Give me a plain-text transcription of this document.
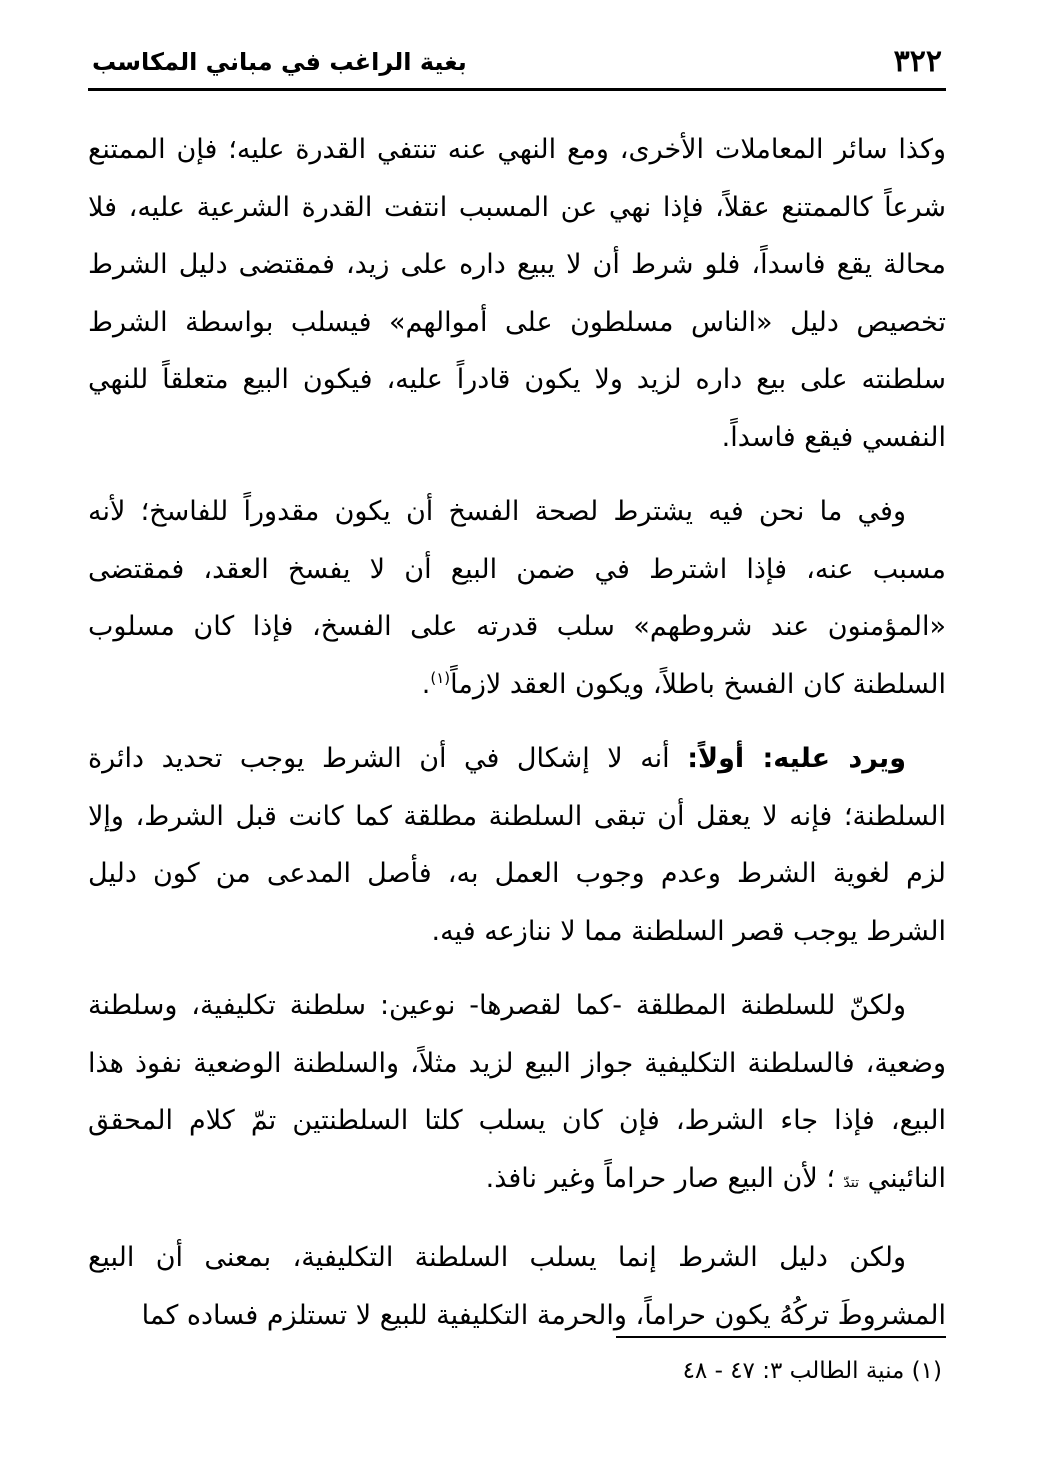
٣٢٢
بغية الراغب في مباني المكاسب

وكذا سائر المعاملات الأخرى، ومع النهي عنه تنتفي القدرة عليه؛ فإن الممتنع شرعاً كالممتنع عقلاً، فإذا نهي عن المسبب انتفت القدرة الشرعية عليه، فلا محالة يقع فاسداً، فلو شرط أن لا يبيع داره على زيد، فمقتضى دليل الشرط تخصيص دليل «الناس مسلطون على أموالهم» فيسلب بواسطة الشرط سلطنته على بيع داره لزيد ولا يكون قادراً عليه، فيكون البيع متعلقاً للنهي النفسي فيقع فاسداً.

وفي ما نحن فيه يشترط لصحة الفسخ أن يكون مقدوراً للفاسخ؛ لأنه مسبب عنه، فإذا اشترط في ضمن البيع أن لا يفسخ العقد، فمقتضى «المؤمنون عند شروطهم» سلب قدرته على الفسخ، فإذا كان مسلوب السلطنة كان الفسخ باطلاً، ويكون العقد لازماً$^{(١)}$.

ويرد عليه: أولاً: أنه لا إشكال في أن الشرط يوجب تحديد دائرة السلطنة؛ فإنه لا يعقل أن تبقى السلطنة مطلقة كما كانت قبل الشرط، وإلا لزم لغوية الشرط وعدم وجوب العمل به، فأصل المدعى من كون دليل الشرط يوجب قصر السلطنة مما لا ننازعه فيه.

ولكنّ للسلطنة المطلقة -كما لقصرها- نوعين: سلطنة تكليفية، وسلطنة وضعية، فالسلطنة التكليفية جواز البيع لزيد مثلاً، والسلطنة الوضعية نفوذ هذا البيع، فإذا جاء الشرط، فإن كان يسلب كلتا السلطنتين تمّ كلام المحقق النائيني تتدّ ؛ لأن البيع صار حراماً وغير نافذ.

ولكن دليل الشرط إنما يسلب السلطنة التكليفية، بمعنى أن البيع المشروطَ تركُهُ يكون حراماً، والحرمة التكليفية للبيع لا تستلزم فساده كما

(١) منية الطالب ٣: ٤٧ - ٤٨
